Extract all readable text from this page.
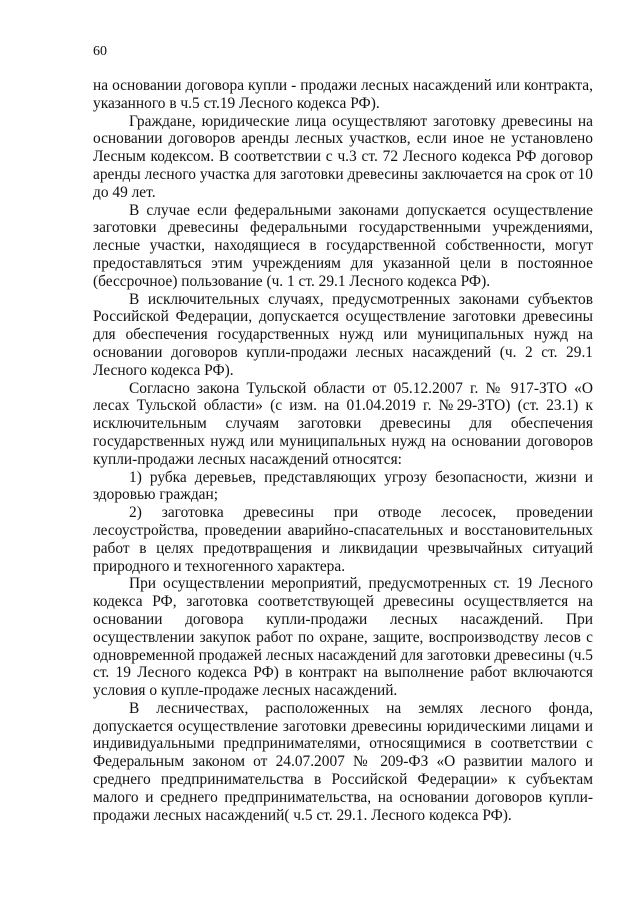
60

на основании договора купли - продажи лесных насаждений или контракта, указанного в ч.5 ст.19 Лесного кодекса РФ).

Граждане, юридические лица осуществляют заготовку древесины на основании договоров аренды лесных участков, если иное не установлено Лесным кодексом. В соответствии с ч.3 ст. 72 Лесного кодекса РФ договор аренды лесного участка для заготовки древесины заключается на срок от 10 до 49 лет.

В случае если федеральными законами допускается осуществление заготовки древесины федеральными государственными учреждениями, лесные участки, находящиеся в государственной собственности, могут предоставляться этим учреждениям для указанной цели в постоянное (бессрочное) пользование (ч. 1 ст. 29.1 Лесного кодекса РФ).

В исключительных случаях, предусмотренных законами субъектов Российской Федерации, допускается осуществление заготовки древесины для обеспечения государственных нужд или муниципальных нужд на основании договоров купли-продажи лесных насаждений (ч. 2 ст. 29.1 Лесного кодекса РФ).

Согласно закона Тульской области от 05.12.2007 г. № 917-ЗТО «О лесах Тульской области» (с изм. на 01.04.2019 г. №29-ЗТО) (ст. 23.1) к исключительным случаям заготовки древесины для обеспечения государственных нужд или муниципальных нужд на основании договоров купли-продажи лесных насаждений относятся:

1) рубка деревьев, представляющих угрозу безопасности, жизни и здоровью граждан;

2) заготовка древесины при отводе лесосек, проведении лесоустройства, проведении аварийно-спасательных и восстановительных работ в целях предотвращения и ликвидации чрезвычайных ситуаций природного и техногенного характера.

При осуществлении мероприятий, предусмотренных ст. 19 Лесного кодекса РФ, заготовка соответствующей древесины осуществляется на основании договора купли-продажи лесных насаждений. При осуществлении закупок работ по охране, защите, воспроизводству лесов с одновременной продажей лесных насаждений для заготовки древесины (ч.5 ст. 19 Лесного кодекса РФ) в контракт на выполнение работ включаются условия о купле-продаже лесных насаждений.

В лесничествах, расположенных на землях лесного фонда, допускается осуществление заготовки древесины юридическими лицами и индивидуальными предпринимателями, относящимися в соответствии с Федеральным законом от 24.07.2007 № 209-ФЗ «О развитии малого и среднего предпринимательства в Российской Федерации» к субъектам малого и среднего предпринимательства, на основании договоров купли-продажи лесных насаждений( ч.5 ст. 29.1. Лесного кодекса РФ).
